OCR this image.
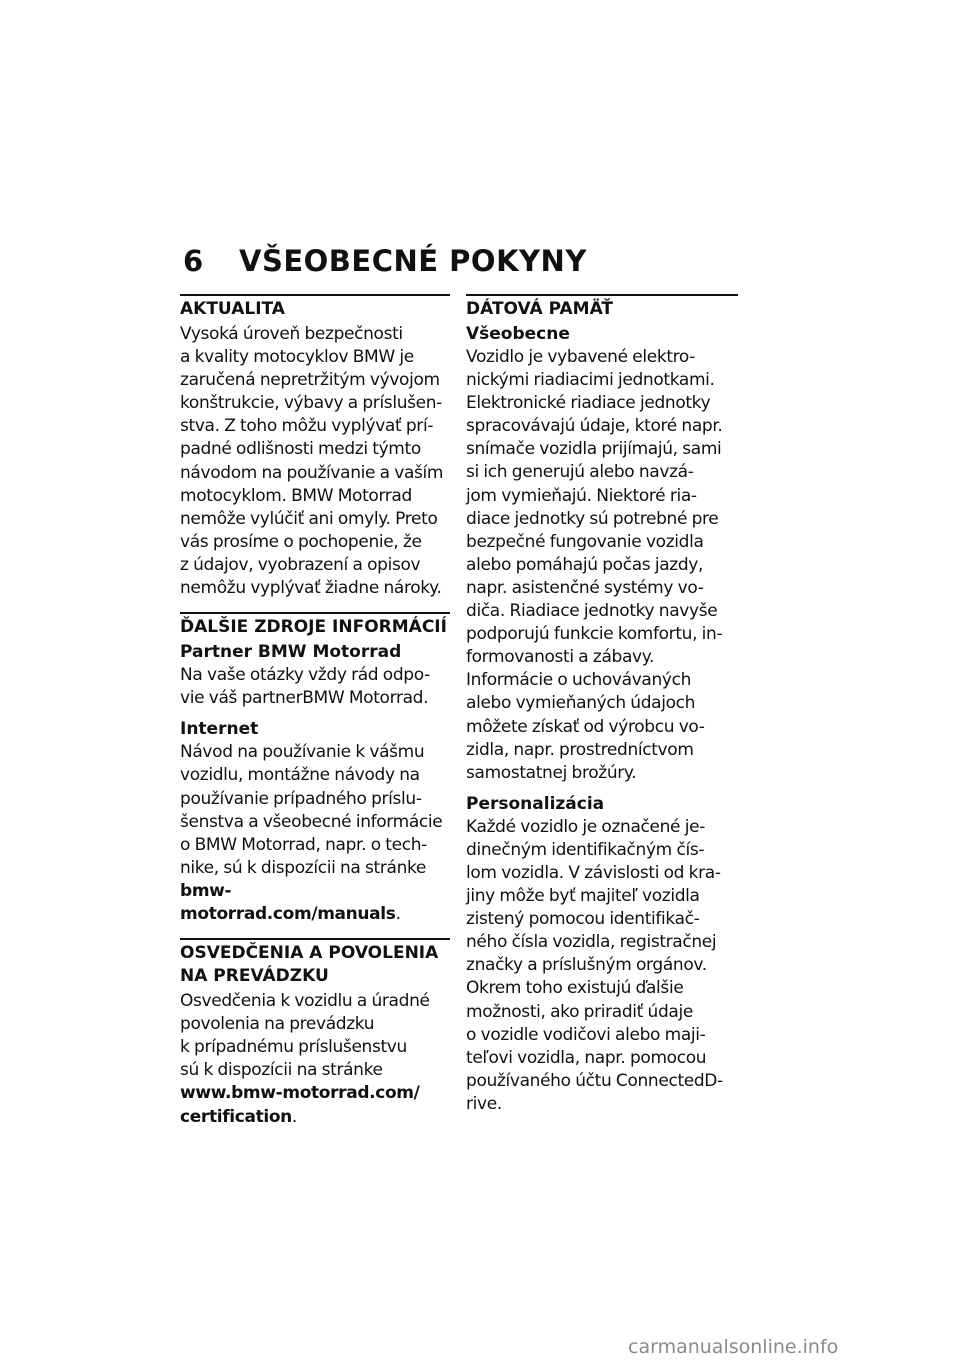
6 VŠEOBECNÉ POKYNY
AKTUALITA

Vysoká úroveň bezpečnosti
a kvality motocyklov BMW je
zaručená nepretržitým vývojom
konštrukcie, výbavy a príslušen-
stva. Z toho môžu vyplývať prí-
padné odlišnosti medzi týmto
návodom na používanie a vaším
motocyklom. BMW Motorrad
nemôže vylúčiť ani omyly. Preto
vás prosíme o pochopenie, že
z údajov, vyobrazení a opisov
nemôžu vyplývať žiadne nároky.

ĎALŠIE ZDROJE INFORMÁCIÍ
Partner BMW Motorrad

Na vaše otázky vždy rád odpo-
vie váš partnerBMW Motorrad.

Internet

Návod na používanie k vášmu
vozidlu, montážne návody na
používanie prípadného príslu-
šenstva a všeobecné informácie
o BMW Motorrad, napr. o tech-
nike, sú k dispozícii na stránke
bmw-motorrad.com/manuals.

OSVEDČENIA A POVOLENIA NA PREVÁDZKU

Osvedčenia k vozidlu a úradné
povolenia na prevádzku
k prípadnému príslušenstvu
sú k dispozícii na stránke
www.bmw-motorrad.com/
certification.

DÁTOVÁ PAMÄŤ
Všeobecne

Vozidlo je vybavené elektro-
nickými riadiacimi jednotkami.
Elektronické riadiace jednotky
spracovávajú údaje, ktoré napr.
snímače vozidla prijímajú, sami
si ich generujú alebo navzá-
jom vymieňajú. Niektoré ria-
diace jednotky sú potrebné pre
bezpečné fungovanie vozidla
alebo pomáhajú počas jazdy,
napr. asistenčné systémy vo-
diča. Riadiace jednotky navyše
podporujú funkcie komfortu, in-
formovanosti a zábavy.
Informácie o uchovávaných
alebo vymieňaných údajoch
môžete získať od výrobcu vo-
zidla, napr. prostredníctvom
samostatnej brožúry.

Personalizácia

Každé vozidlo je označené je-
dinečným identifikačným čís-
lom vozidla. V závislosti od kra-
jiny môže byť majiteľ vozidla
zistený pomocou identifikač-
ného čísla vozidla, registračnej
značky a príslušným orgánov.
Okrem toho existujú ďalšie
možnosti, ako priradiť údaje
o vozidle vodičovi alebo maji-
teľovi vozidla, napr. pomocou
používaného účtu ConnectedD-
rive.

carmanualsonline.info
